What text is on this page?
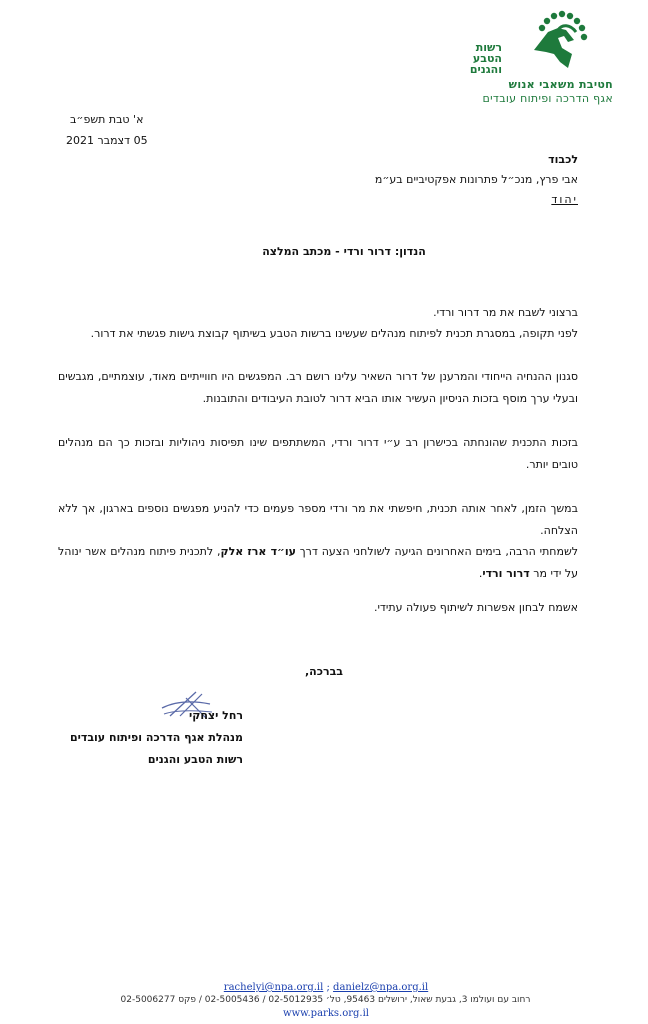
רשות
הטבע
והגנים
חטיבת משאבי אנוש
אגף הדרכה ופיתוח עובדים
א' טבת תשפ״ב
05 דצמבר 2021
לכבוד
אבי פרץ, מנכ״ל פתרונות אפקטיביים בע״מ
יהוד
הנדון: דרור ורדי - מכתב המלצה
ברצוני לשבח את מר דרור ורדי.
לפני תקופה, במסגרת תכנית לפיתוח מנהלים שעשינו ברשות הטבע בשיתוף קבוצת גישות פגשתי את דרור.
סגנון ההנחיה הייחודי והמרענן של דרור השאיר עלינו רושם רב. המפגשים היו חווייתיים מאוד, עוצמתיים, מגבשים ובעלי ערך מוסף בזכות הניסיון העשיר אותו הביא דרור לטובת העיבודים והתובנות.
בזכות התכנית שהונחתה בכישרון רב ע״י דרור ורדי, המשתתפים שינו תפיסות ניהוליות ובזכות כך הם מנהלים טובים יותר.
במשך הזמן, לאחר אותה תכנית, חיפשתי את מר ורדי מספר פעמים כדי להניע מפגשים נוספים בארגון, אך ללא הצלחה.
לשמחתי הרבה, בימים האחרונים הגיעה לשולחני הצעה דרך עו״ד ארז אלק, לתכנית פיתוח מנהלים אשר ינוהל על ידי מר דרור ורדי.
אשמח לבחון אפשרות לשיתוף פעולה עתידי.
בברכה,
רחל יצחקי
מנהלת אגף הדרכה ופיתוח עובדים
רשות הטבע והגנים
rachelyi@npa.org.il ; danielz@npa.org.il
רחוב עם ועולמו 3, גבעת שאול, ירושלים 95463, טל׳ 02-5012935 / 02-5005436 / פקס 02-5006277
www.parks.org.il
